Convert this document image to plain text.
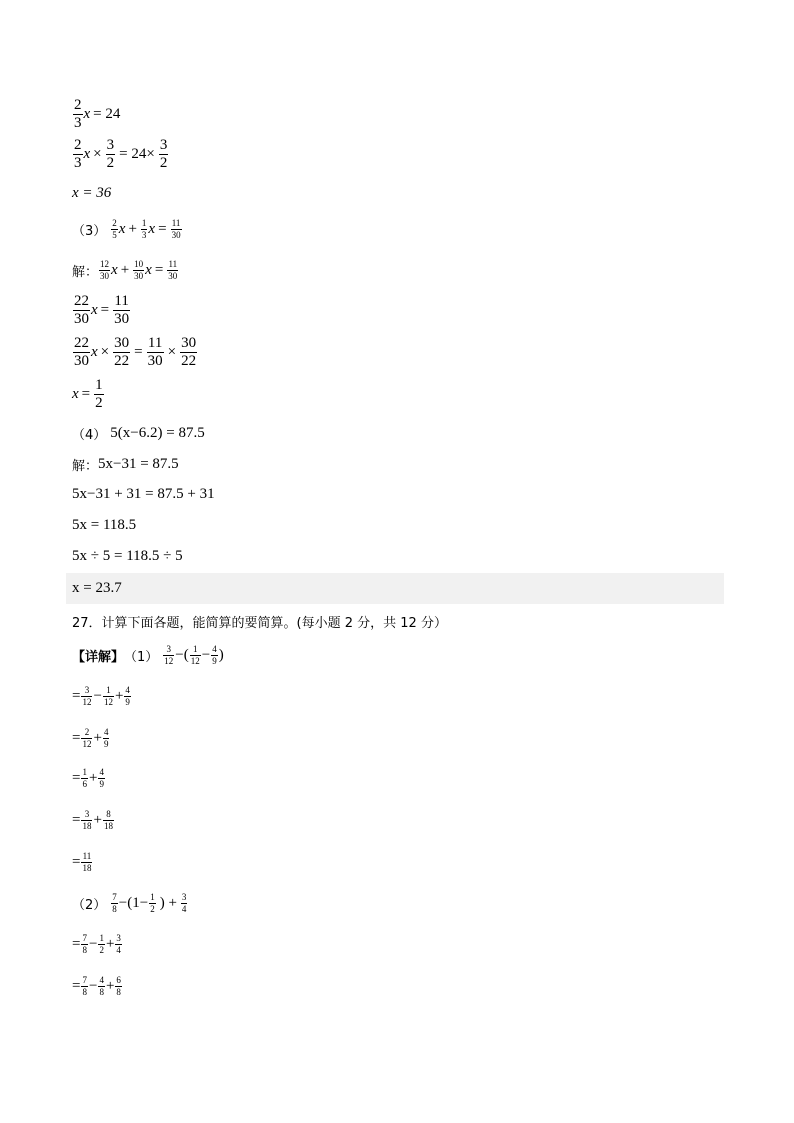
$\frac{2}{3}$ x = 24
$\frac{2}{3}$ $x \times \frac{3}{2} = 24\times \frac{3}{2}$
x = 36
$(3) \frac{2}{5}$ $x + \frac{1}{3}$ $x = \frac{11}{30}$
解： $\frac{12}{30}$ $x + \frac{10}{30}$ $x = \frac{11}{30}$
$\frac{22}{30}$ $x = \frac{11}{30}$
$\frac{22}{30}$ $x \times \frac{30}{22} = \frac{11}{30} \times \frac{30}{22}$
$x = \frac{1}{2}$
（4） 5(x−6.2) = 87.5
解： 5x−31 = 87.5
5x−31 + 31 = 87.5 + 31
5x = 118.5
5x ÷ 5 = 118.5 ÷ 5
x = 23.7
27．计算下面各题，能简算的要简算。(每小题 2 分，共 12 分）
【详解】 $(1) \frac{3}{12}$ −( $\frac{1}{12} - \frac{4}{9}$ )
= $\frac{3}{12} - \frac{1}{12} + \frac{4}{9}$
= $\frac{2}{12} + \frac{4}{9}$
= $\frac{1}{6} + \frac{4}{9}$
= $\frac{3}{18} + \frac{8}{18}$
= $\frac{11}{18}$
$(2) \frac{7}{8} -(1- \frac{1}{2}$ ) + $\frac{3}{4}$
= $\frac{7}{8} - \frac{1}{2} + \frac{3}{4}$
= $\frac{7}{8} - \frac{4}{8} + \frac{6}{8}$
